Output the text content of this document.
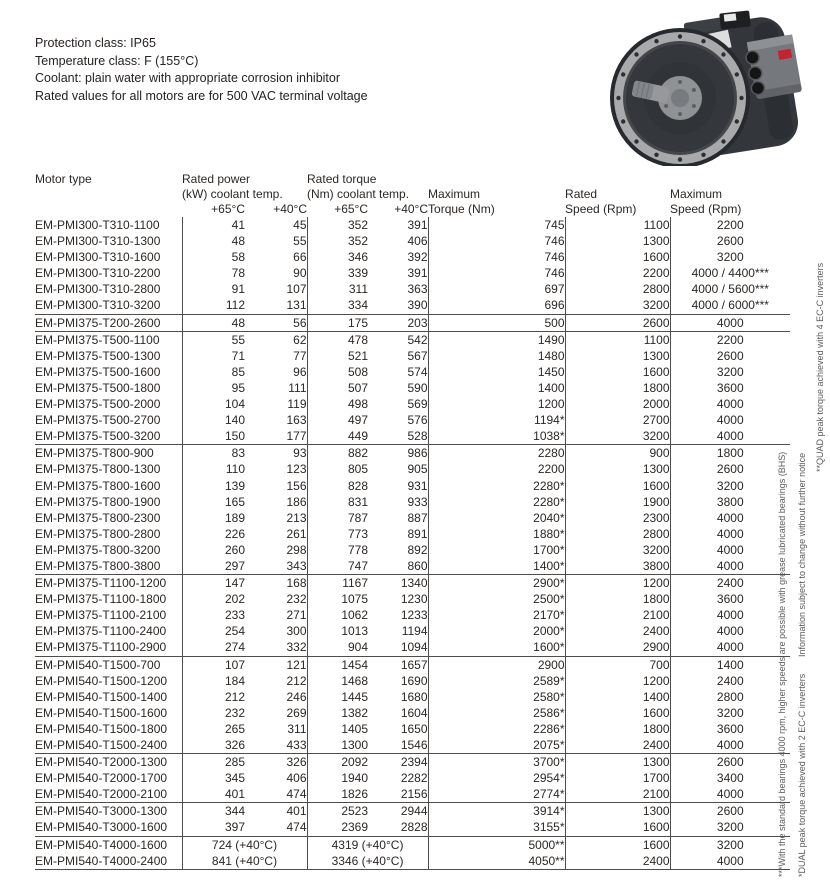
Protection class: IP65
Temperature class: F (155°C)
Coolant: plain water with appropriate corrosion inhibitor
Rated values for all motors are for 500 VAC terminal voltage
Motor type	Rated power		Rated torque				
	(kW) coolant temp.		(Nm) coolant temp.		Maximum	Rated	Maximum
	+65°C	+40°C	+65°C	+40°C	Torque (Nm)	Speed (Rpm)	Speed (Rpm)
EM-PMI300-T310-1100	41	45	352	391	745	1100	2200
EM-PMI300-T310-1300	48	55	352	406	746	1300	2600
EM-PMI300-T310-1600	58	66	346	392	746	1600	3200
EM-PMI300-T310-2200	78	90	339	391	746	2200	4000 / 4400***
EM-PMI300-T310-2800	91	107	311	363	697	2800	4000 / 5600***
EM-PMI300-T310-3200	112	131	334	390	696	3200	4000 / 6000***
EM-PMI375-T200-2600	48	56	175	203	500	2600	4000
EM-PMI375-T500-1100	55	62	478	542	1490	1100	2200
EM-PMI375-T500-1300	71	77	521	567	1480	1300	2600
EM-PMI375-T500-1600	85	96	508	574	1450	1600	3200
EM-PMI375-T500-1800	95	111	507	590	1400	1800	3600
EM-PMI375-T500-2000	104	119	498	569	1200	2000	4000
EM-PMI375-T500-2700	140	163	497	576	1194*	2700	4000
EM-PMI375-T500-3200	150	177	449	528	1038*	3200	4000
EM-PMI375-T800-900	83	93	882	986	2280	900	1800
EM-PMI375-T800-1300	110	123	805	905	2200	1300	2600
EM-PMI375-T800-1600	139	156	828	931	2280*	1600	3200
EM-PMI375-T800-1900	165	186	831	933	2280*	1900	3800
EM-PMI375-T800-2300	189	213	787	887	2040*	2300	4000
EM-PMI375-T800-2800	226	261	773	891	1880*	2800	4000
EM-PMI375-T800-3200	260	298	778	892	1700*	3200	4000
EM-PMI375-T800-3800	297	343	747	860	1400*	3800	4000
EM-PMI375-T1100-1200	147	168	1167	1340	2900*	1200	2400
EM-PMI375-T1100-1800	202	232	1075	1230	2500*	1800	3600
EM-PMI375-T1100-2100	233	271	1062	1233	2170*	2100	4000
EM-PMI375-T1100-2400	254	300	1013	1194	2000*	2400	4000
EM-PMI375-T1100-2900	274	332	904	1094	1600*	2900	4000
EM-PMI540-T1500-700	107	121	1454	1657	2900	700	1400
EM-PMI540-T1500-1200	184	212	1468	1690	2589*	1200	2400
EM-PMI540-T1500-1400	212	246	1445	1680	2580*	1400	2800
EM-PMI540-T1500-1600	232	269	1382	1604	2586*	1600	3200
EM-PMI540-T1500-1800	265	311	1405	1650	2286*	1800	3600
EM-PMI540-T1500-2400	326	433	1300	1546	2075*	2400	4000
EM-PMI540-T2000-1300	285	326	2092	2394	3700*	1300	2600
EM-PMI540-T2000-1700	345	406	1940	2282	2954*	1700	3400
EM-PMI540-T2000-2100	401	474	1826	2156	2774*	2100	4000
EM-PMI540-T3000-1300	344	401	2523	2944	3914*	1300	2600
EM-PMI540-T3000-1600	397	474	2369	2828	3155*	1600	3200
EM-PMI540-T4000-1600	724 (+40°C)		4319 (+40°C)		5000**	1600	3200
EM-PMI540-T4000-2400	841 (+40°C)		3346 (+40°C)		4050**	2400	4000	***With the standard bearings 4000 rpm, higher speeds are possible with grease lubricated bearings (BHS) *DUAL peak torque achieved with 2 EC-C inverters
Information subject to change without further notice
**QUAD peak torque achieved with 4 EC-C inverters
